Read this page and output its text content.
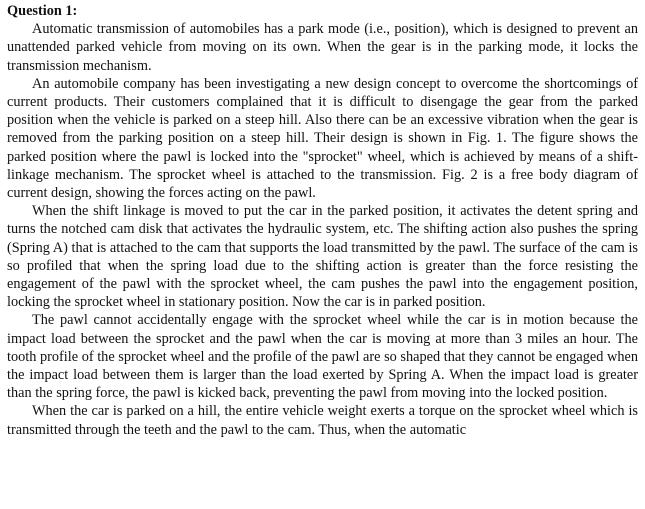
Question 1:

Automatic transmission of automobiles has a park mode (i.e., position), which is designed to prevent an unattended parked vehicle from moving on its own. When the gear is in the parking mode, it locks the transmission mechanism.

An automobile company has been investigating a new design concept to overcome the shortcomings of current products. Their customers complained that it is difficult to disengage the gear from the parked position when the vehicle is parked on a steep hill. Also there can be an excessive vibration when the gear is removed from the parking position on a steep hill. Their design is shown in Fig. 1. The figure shows the parked position where the pawl is locked into the "sprocket" wheel, which is achieved by means of a shift-linkage mechanism. The sprocket wheel is attached to the transmission. Fig. 2 is a free body diagram of current design, showing the forces acting on the pawl.

When the shift linkage is moved to put the car in the parked position, it activates the detent spring and turns the notched cam disk that activates the hydraulic system, etc. The shifting action also pushes the spring (Spring A) that is attached to the cam that supports the load transmitted by the pawl. The surface of the cam is so profiled that when the spring load due to the shifting action is greater than the force resisting the engagement of the pawl with the sprocket wheel, the cam pushes the pawl into the engagement position, locking the sprocket wheel in stationary position. Now the car is in parked position.

The pawl cannot accidentally engage with the sprocket wheel while the car is in motion because the impact load between the sprocket and the pawl when the car is moving at more than 3 miles an hour. The tooth profile of the sprocket wheel and the profile of the pawl are so shaped that they cannot be engaged when the impact load between them is larger than the load exerted by Spring A. When the impact load is greater than the spring force, the pawl is kicked back, preventing the pawl from moving into the locked position.

When the car is parked on a hill, the entire vehicle weight exerts a torque on the sprocket wheel which is transmitted through the teeth and the pawl to the cam. Thus, when the automatic
